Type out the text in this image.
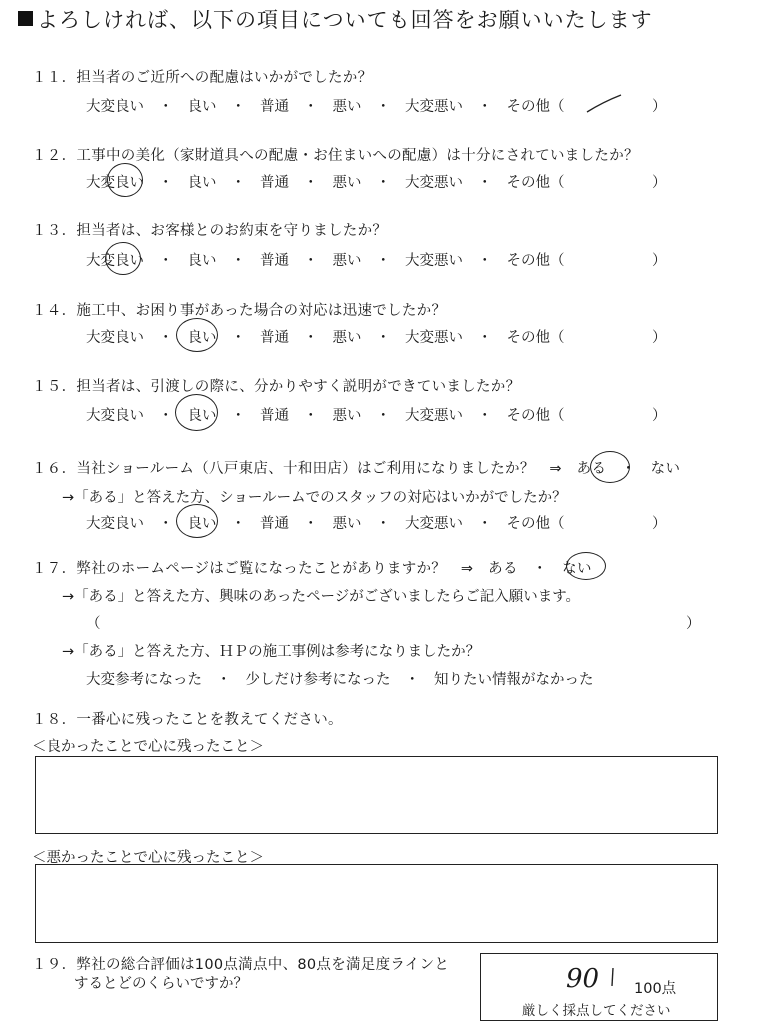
よろしければ、以下の項目についても回答をお願いいたします
１１．担当者のご近所への配慮はいかがでしたか？
大変良い　・　良い　・　普通　・　悪い　・　大変悪い　・　その他（	）
１２．工事中の美化（家財道具への配慮・お住まいへの配慮）は十分にされていましたか？
大変良い　・　良い　・　普通　・　悪い　・　大変悪い　・　その他（	）
１３．担当者は、お客様とのお約束を守りましたか？
大変良い　・　良い　・　普通　・　悪い　・　大変悪い　・　その他（	）
１４．施工中、お困り事があった場合の対応は迅速でしたか？
大変良い　・　良い　・　普通　・　悪い　・　大変悪い　・　その他（	）
１５．担当者は、引渡しの際に、分かりやすく説明ができていましたか？
大変良い　・　良い　・　普通　・　悪い　・　大変悪い　・　その他（	）
１６．当社ショールーム（八戸東店、十和田店）はご利用になりましたか？　⇒　ある　・　ない
→「ある」と答えた方、ショールームでのスタッフの対応はいかがでしたか？
大変良い　・　良い　・　普通　・　悪い　・　大変悪い　・　その他（	）
１７．弊社のホームページはご覧になったことがありますか？　⇒　ある　・　ない
→「ある」と答えた方、興味のあったページがございましたらご記入願います。
（	）
→「ある」と答えた方、ＨＰの施工事例は参考になりましたか？
大変参考になった　・　少しだけ参考になった　・　知りたい情報がなかった
１８．一番心に残ったことを教えてください。
＜良かったことで心に残ったこと＞
＜悪かったことで心に残ったこと＞
１９．弊社の総合評価は100点満点中、80点を満足度ラインと
するとどのくらいですか？	90 100点
厳しく採点してください
